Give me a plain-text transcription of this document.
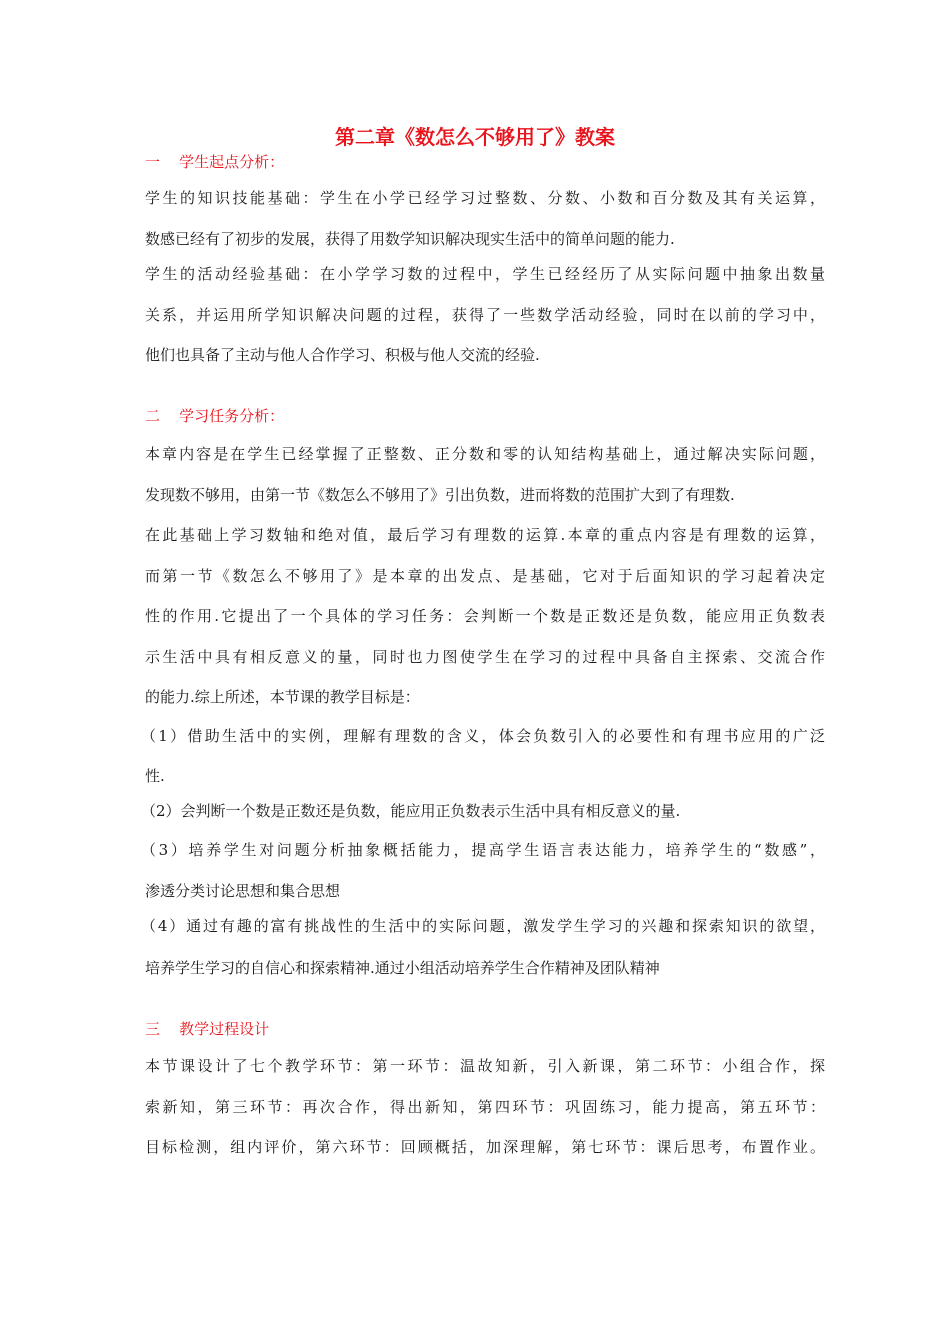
第二章《数怎么不够用了》教案
一    学生起点分析：

学生的知识技能基础：学生在小学已经学习过整数、分数、小数和百分数及其有关运算，

数感已经有了初步的发展，获得了用数学知识解决现实生活中的简单问题的能力.

学生的活动经验基础：在小学学习数的过程中，学生已经经历了从实际问题中抽象出数量

关系，并运用所学知识解决问题的过程，获得了一些数学活动经验，同时在以前的学习中，

他们也具备了主动与他人合作学习、积极与他人交流的经验.

二    学习任务分析：

本章内容是在学生已经掌握了正整数、正分数和零的认知结构基础上，通过解决实际问题，

发现数不够用，由第一节《数怎么不够用了》引出负数，进而将数的范围扩大到了有理数.

在此基础上学习数轴和绝对值，最后学习有理数的运算.本章的重点内容是有理数的运算，

而第一节《数怎么不够用了》是本章的出发点、是基础，它对于后面知识的学习起着决定

性的作用.它提出了一个具体的学习任务：会判断一个数是正数还是负数，能应用正负数表

示生活中具有相反意义的量，同时也力图使学生在学习的过程中具备自主探索、交流合作

的能力.综上所述，本节课的教学目标是：

（1）借助生活中的实例，理解有理数的含义，体会负数引入的必要性和有理书应用的广泛

性.

（2）会判断一个数是正数还是负数，能应用正负数表示生活中具有相反意义的量.

（3）培养学生对问题分析抽象概括能力，提高学生语言表达能力，培养学生的“数感”，

渗透分类讨论思想和集合思想

（4）通过有趣的富有挑战性的生活中的实际问题，激发学生学习的兴趣和探索知识的欲望，

培养学生学习的自信心和探索精神.通过小组活动培养学生合作精神及团队精神

三    教学过程设计

本节课设计了七个教学环节：第一环节：温故知新，引入新课，第二环节：小组合作，探

索新知，第三环节：再次合作，得出新知，第四环节：巩固练习，能力提高，第五环节：

目标检测，组内评价，第六环节：回顾概括，加深理解，第七环节：课后思考，布置作业。
